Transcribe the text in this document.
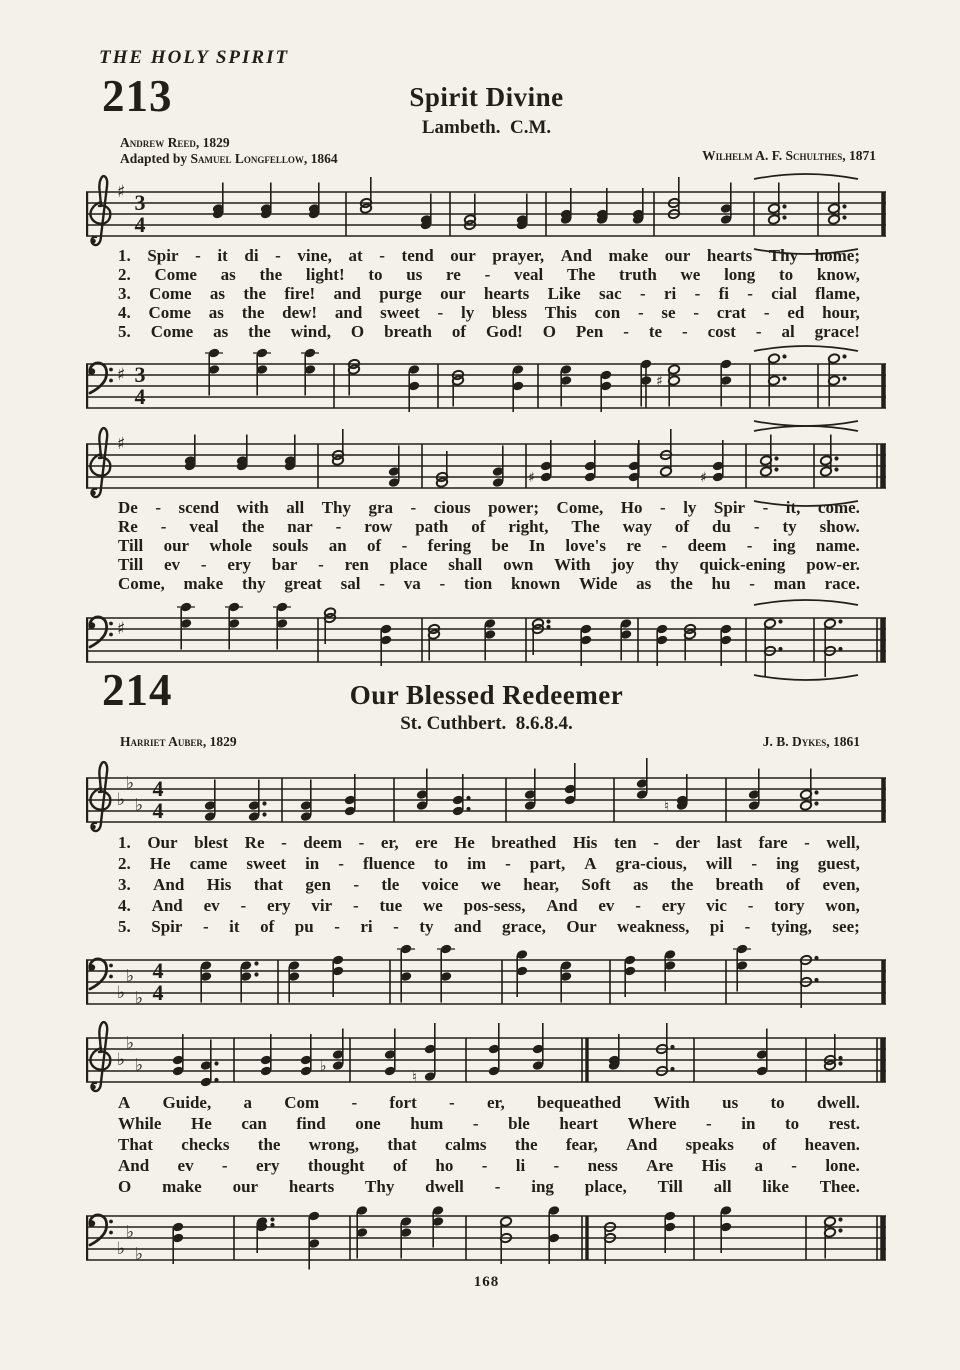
THE HOLY SPIRIT
213	Spirit Divine
Lambeth.  C.M.
Andrew Reed, 1829
Adapted by Samuel Longfellow, 1864	Wilhelm A. F. Schulthes, 1871
♯ 3
4
1. Spir - it di - vine, at - tend our prayer, And make our hearts Thy home;
2. Come as the light! to us re - veal The truth we long to know,
3. Come as the fire! and purge our hearts Like sac - ri - fi - cial flame,
4. Come as the dew! and sweet - ly bless This con - se - crat - ed hour,
5. Come as the wind, O breath of God! O Pen - te - cost - al grace!
♯ 3
4
♯
♯
♯	♯
De - scend with all Thy gra - cious power; Come, Ho - ly Spir - it, come.
Re - veal the nar - row path of right, The way of du - ty show.
Till our whole souls an of - fering be In love's re - deem - ing name.
Till ev - ery bar - ren place shall own With joy thy quick-ening pow-er.
Come, make thy great sal - va - tion known Wide as the hu - man race.
♯
214	Our Blessed Redeemer
St. Cuthbert.  8.6.8.4.
Harriet Auber, 1829	J. B. Dykes, 1861
♭
♭
♭
4
4	♮
1. Our blest Re - deem - er, ere He breathed His ten - der last fare - well,
2. He came sweet in - fluence to im - part, A gra-cious, will - ing guest,
3. And His that gen - tle voice we hear, Soft as the breath of even,
4. And ev - ery vir - tue we pos-sess, And ev - ery vic - tory won,
5. Spir - it of pu - ri - ty and grace, Our weakness, pi - tying, see;
♭
♭
♭
4
4
♭
♭
♭	♭
♮
A Guide, a Com - fort - er, bequeathed With us to dwell.
While He can find one hum - ble heart Where - in to rest.
That checks the wrong, that calms the fear, And speaks of heaven.
And ev - ery thought of ho - li - ness Are His a - lone.
O make our hearts Thy dwell - ing place, Till all like Thee.
♭
♭
♭
168
